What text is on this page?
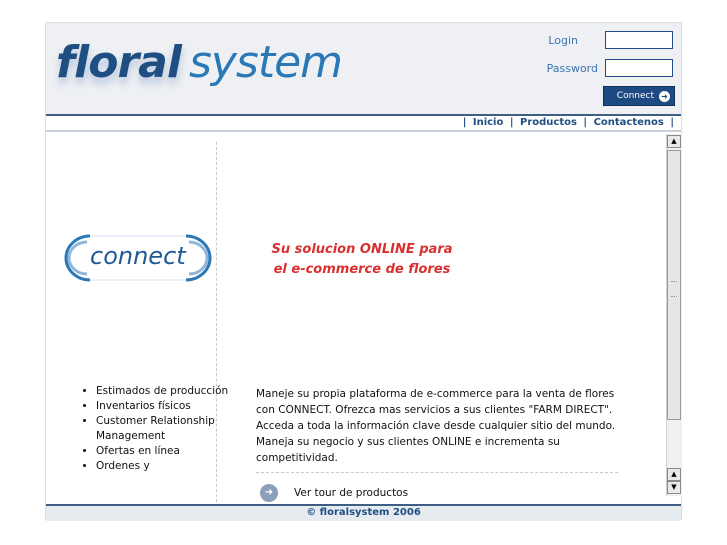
floral system	Login
Password
Connect ➜
| Inicio | Productos | Contactenos |
connect	Su solucion ONLINE para
el e-commerce de flores
• Estimados de producción
• Inventarios físicos
• Customer Relationship Management
• Ofertas en línea
• Ordenes y
Maneje su propia plataforma de e-commerce para la venta de flores con CONNECT. Ofrezca mas servicios a sus clientes "FARM DIRECT". Acceda a toda la información clave desde cualquier sitio del mundo. Maneja su negocio y sus clientes ONLINE e incrementa su competitividad.
➜	Ver tour de productos
▲
▲
▼
© floralsystem 2006
